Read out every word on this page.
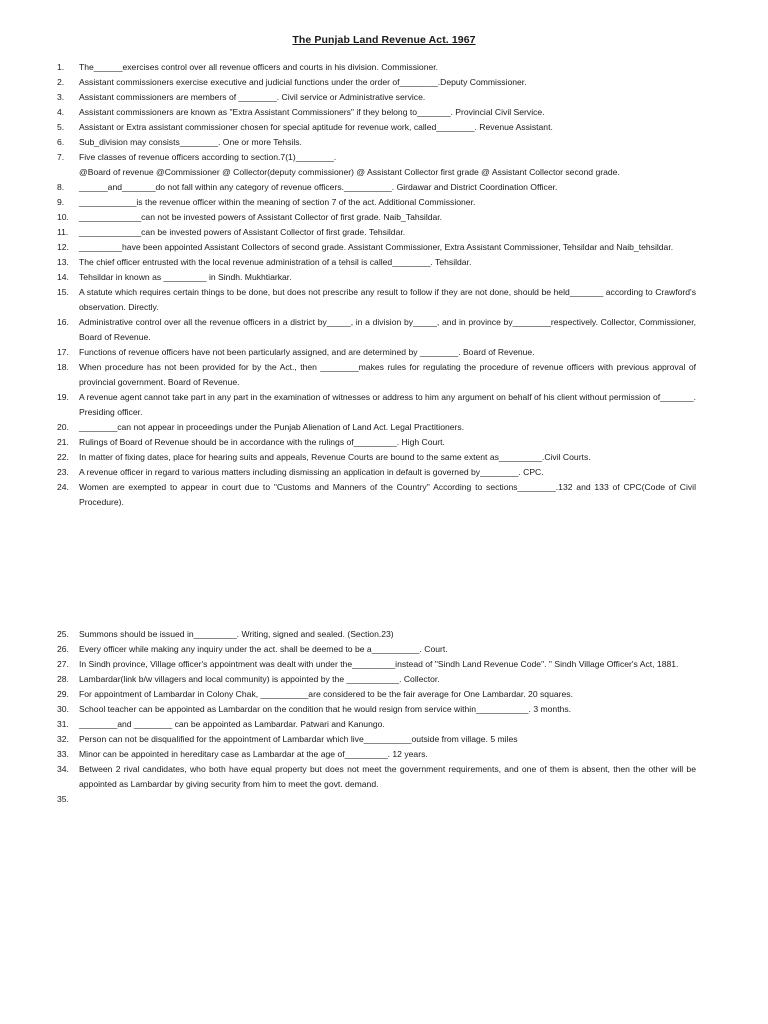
The Punjab Land Revenue Act. 1967
1. The______exercises control over all revenue officers and courts in his division. Commissioner.
2. Assistant commissioners exercise executive and judicial functions under the order of________.Deputy Commissioner.
3. Assistant commissioners are members of ________. Civil service or Administrative service.
4. Assistant commissioners are known as "Extra Assistant Commissioners" if they belong to_______. Provincial Civil Service.
5. Assistant or Extra assistant commissioner chosen for special aptitude for revenue work, called________. Revenue Assistant.
6. Sub_division may consists________. One or more Tehsils.
7. Five classes of revenue officers according to section.7(1)________.
@Board of revenue @Commissioner @ Collector(deputy commissioner) @ Assistant Collector first grade @ Assistant Collector second grade.
8. ______and_______do not fall within any category of revenue officers.__________. Girdawar and District Coordination Officer.
9. ____________is the revenue officer within the meaning of section 7 of the act. Additional Commissioner.
10. _____________can not be invested powers of Assistant Collector of first grade. Naib_Tahsildar.
11. _____________can be invested powers of Assistant Collector of first grade. Tehsildar.
12. _________have been appointed Assistant Collectors of second grade. Assistant Commissioner, Extra Assistant Commissioner, Tehsildar and Naib_tehsildar.
13. The chief officer entrusted with the local revenue administration of a tehsil is called________. Tehsildar.
14. Tehsildar in known as _________ in Sindh. Mukhtiarkar.
15. A statute which requires certain things to be done, but does not prescribe any result to follow if they are not done, should be held_______ according to Crawford's observation. Directly.
16. Administrative control over all the revenue officers in a district by_____, in a division by_____, and in province by________respectively. Collector, Commissioner, Board of Revenue.
17. Functions of revenue officers have not been particularly assigned, and are determined by ________. Board of Revenue.
18. When procedure has not been provided for by the Act., then ________makes rules for regulating the procedure of revenue officers with previous approval of provincial government. Board of Revenue.
19. A revenue agent cannot take part in any part in the examination of witnesses or address to him any argument on behalf of his client without permission of_______. Presiding officer.
20. ________can not appear in proceedings under the Punjab Alienation of Land Act. Legal Practitioners.
21. Rulings of Board of Revenue should be in accordance with the rulings of_________. High Court.
22. In matter of fixing dates, place for hearing suits and appeals, Revenue Courts are bound to the same extent as_________.Civil Courts.
23. A revenue officer in regard to various matters including dismissing an application in default is governed by________. CPC.
24. Women are exempted to appear in court due to "Customs and Manners of the Country" According to sections________.132 and 133 of CPC(Code of Civil Procedure).
25. Summons should be issued in_________. Writing, signed and sealed. (Section.23)
26. Every officer while making any inquiry under the act. shall be deemed to be a__________. Court.
27. In Sindh province, Village officer's appointment was dealt with under the_________instead of "Sindh Land Revenue Code". " Sindh Village Officer's Act, 1881.
28. Lambardar(link b/w villagers and local community) is appointed by the ___________. Collector.
29. For appointment of Lambardar in Colony Chak, __________are considered to be the fair average for One Lambardar. 20 squares.
30. School teacher can be appointed as Lambardar on the condition that he would resign from service within___________. 3 months.
31. ________and ________ can be appointed as Lambardar. Patwari and Kanungo.
32. Person can not be disqualified for the appointment of Lambardar which live__________outside from village. 5 miles
33. Minor can be appointed in hereditary case as Lambardar at the age of_________. 12 years.
34. Between 2 rival candidates, who both have equal property but does not meet the government requirements, and one of them is absent, then the other will be appointed as Lambardar by giving security from him to meet the govt. demand.
35.
